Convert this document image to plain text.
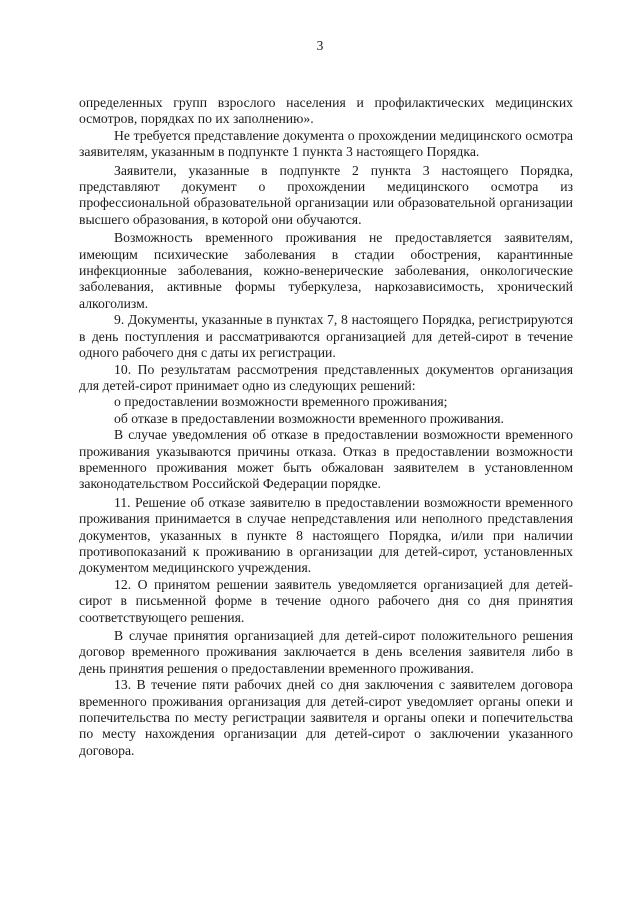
3

определенных групп взрослого населения и профилактических медицинских осмотров, порядках по их заполнению».

Не требуется представление документа о прохождении медицинского осмотра заявителям, указанным в подпункте 1 пункта 3 настоящего Порядка.

Заявители, указанные в подпункте 2 пункта 3 настоящего Порядка, представляют документ о прохождении медицинского осмотра из профессиональной образовательной организации или образовательной организации высшего образования, в которой они обучаются.

Возможность временного проживания не предоставляется заявителям, имеющим психические заболевания в стадии обострения, карантинные инфекционные заболевания, кожно-венерические заболевания, онкологические заболевания, активные формы туберкулеза, наркозависимость, хронический алкоголизм.

9. Документы, указанные в пунктах 7, 8 настоящего Порядка, регистрируются в день поступления и рассматриваются организацией для детей-сирот в течение одного рабочего дня с даты их регистрации.

10. По результатам рассмотрения представленных документов организация для детей-сирот принимает одно из следующих решений:

о предоставлении возможности временного проживания;

об отказе в предоставлении возможности временного проживания.

В случае уведомления об отказе в предоставлении возможности временного проживания указываются причины отказа. Отказ в предоставлении возможности временного проживания может быть обжалован заявителем в установленном законодательством Российской Федерации порядке.

11. Решение об отказе заявителю в предоставлении возможности временного проживания принимается в случае непредставления или неполного представления документов, указанных в пункте 8 настоящего Порядка, и/или при наличии противопоказаний к проживанию в организации для детей-сирот, установленных документом медицинского учреждения.

12. О принятом решении заявитель уведомляется организацией для детей-сирот в письменной форме в течение одного рабочего дня со дня принятия соответствующего решения.

В случае принятия организацией для детей-сирот положительного решения договор временного проживания заключается в день вселения заявителя либо в день принятия решения о предоставлении временного проживания.

13. В течение пяти рабочих дней со дня заключения с заявителем договора временного проживания организация для детей-сирот уведомляет органы опеки и попечительства по месту регистрации заявителя и органы опеки и попечительства по месту нахождения организации для детей-сирот о заключении указанного договора.
